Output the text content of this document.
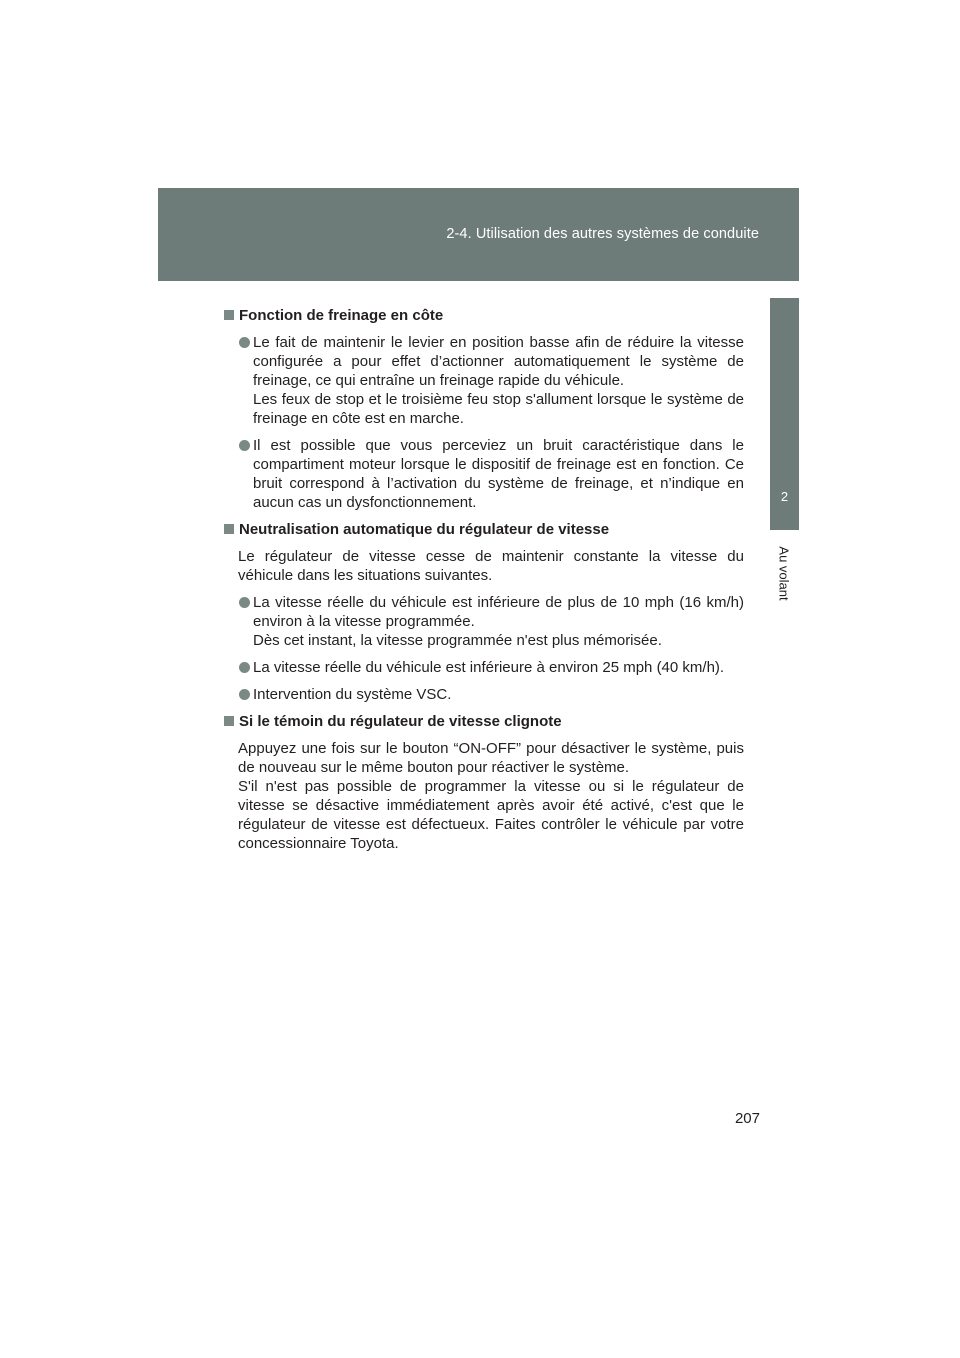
2-4. Utilisation des autres systèmes de conduite
2
Au volant
Fonction de freinage en côte

Le fait de maintenir le levier en position basse afin de réduire la vitesse configurée a pour effet d’actionner automatiquement le système de freinage, ce qui entraîne un freinage rapide du véhicule.

Les feux de stop et le troisième feu stop s'allument lorsque le système de freinage en côte est en marche.

Il est possible que vous perceviez un bruit caractéristique dans le compartiment moteur lorsque le dispositif de freinage est en fonction. Ce bruit correspond à l’activation du système de freinage, et n’indique en aucun cas un dysfonctionnement.

Neutralisation automatique du régulateur de vitesse

Le régulateur de vitesse cesse de maintenir constante la vitesse du véhicule dans les situations suivantes.

La vitesse réelle du véhicule est inférieure de plus de 10 mph (16 km/h) environ à la vitesse programmée.

Dès cet instant, la vitesse programmée n'est plus mémorisée.

La vitesse réelle du véhicule est inférieure à environ 25 mph (40 km/h).

Intervention du système VSC.

Si le témoin du régulateur de vitesse clignote

Appuyez une fois sur le bouton “ON-OFF” pour désactiver le système, puis de nouveau sur le même bouton pour réactiver le système.

S'il n'est pas possible de programmer la vitesse ou si le régulateur de vitesse se désactive immédiatement après avoir été activé, c'est que le régulateur de vitesse est défectueux. Faites contrôler le véhicule par votre concessionnaire Toyota.

207
